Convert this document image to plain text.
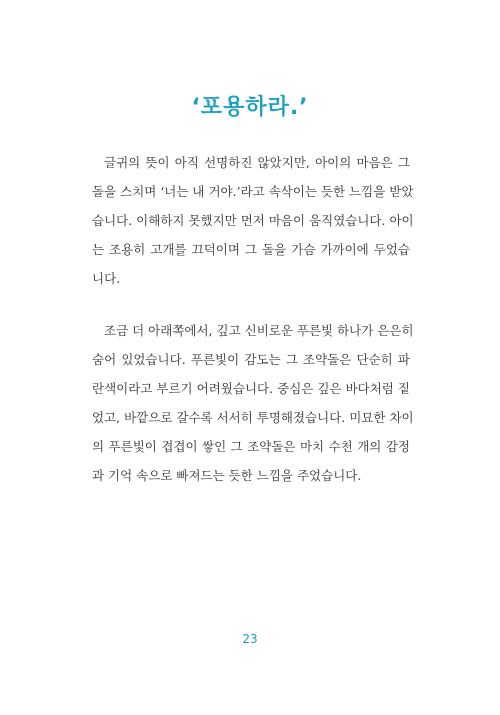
‘포용하라.’
글귀의 뜻이 아직 선명하진 않았지만, 아이의 마음은 그
돌을 스치며 ‘너는 내 거야.’라고 속삭이는 듯한 느낌을 받았
습니다. 이해하지 못했지만 먼저 마음이 움직였습니다. 아이
는 조용히 고개를 끄덕이며 그 돌을 가슴 가까이에 두었습
니다.
조금 더 아래쪽에서, 깊고 신비로운 푸른빛 하나가 은은히
숨어 있었습니다. 푸른빛이 감도는 그 조약돌은 단순히 파
란색이라고 부르기 어려웠습니다. 중심은 깊은 바다처럼 짙
었고, 바깥으로 갈수록 서서히 투명해졌습니다. 미묘한 차이
의 푸른빛이 겹겹이 쌓인 그 조약돌은 마치 수천 개의 감정
과 기억 속으로 빠져드는 듯한 느낌을 주었습니다.
23
